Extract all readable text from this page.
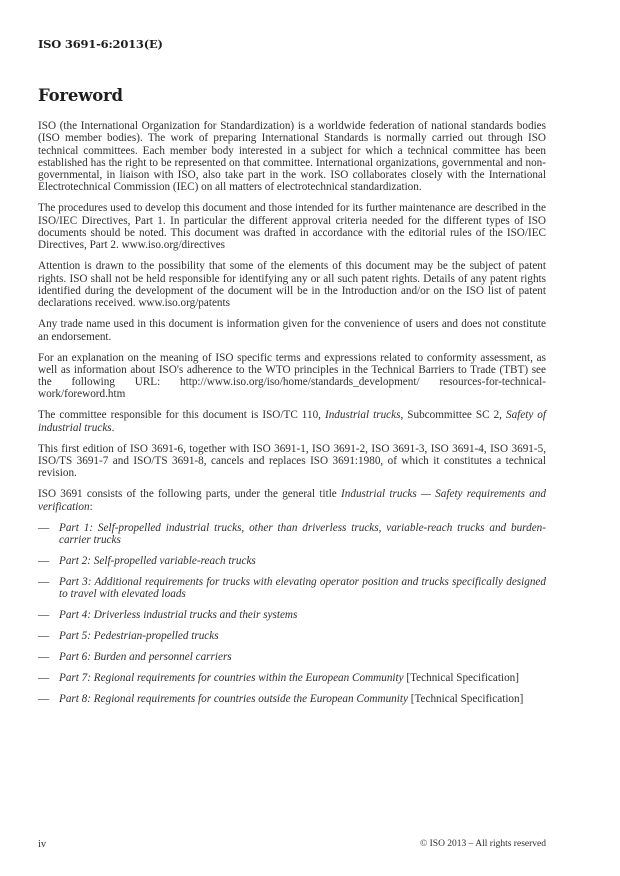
ISO 3691-6:2013(E)
Foreword

ISO (the International Organization for Standardization) is a worldwide federation of national standards bodies (ISO member bodies). The work of preparing International Standards is normally carried out through ISO technical committees. Each member body interested in a subject for which a technical committee has been established has the right to be represented on that committee. International organizations, governmental and non-governmental, in liaison with ISO, also take part in the work. ISO collaborates closely with the International Electrotechnical Commission (IEC) on all matters of electrotechnical standardization.

The procedures used to develop this document and those intended for its further maintenance are described in the ISO/IEC Directives, Part 1. In particular the different approval criteria needed for the different types of ISO documents should be noted. This document was drafted in accordance with the editorial rules of the ISO/IEC Directives, Part 2. www.iso.org/directives

Attention is drawn to the possibility that some of the elements of this document may be the subject of patent rights. ISO shall not be held responsible for identifying any or all such patent rights. Details of any patent rights identified during the development of the document will be in the Introduction and/or on the ISO list of patent declarations received. www.iso.org/patents

Any trade name used in this document is information given for the convenience of users and does not constitute an endorsement.

For an explanation on the meaning of ISO specific terms and expressions related to conformity assessment, as well as information about ISO's adherence to the WTO principles in the Technical Barriers to Trade (TBT) see the following URL: http://www.iso.org/iso/home/standards_development/ resources-for-technical-work/foreword.htm

The committee responsible for this document is ISO/TC 110, Industrial trucks, Subcommittee SC 2, Safety of industrial trucks.

This first edition of ISO 3691-6, together with ISO 3691-1, ISO 3691-2, ISO 3691-3, ISO 3691-4, ISO 3691-5, ISO/TS 3691-7 and ISO/TS 3691-8, cancels and replaces ISO 3691:1980, of which it constitutes a technical revision.

ISO 3691 consists of the following parts, under the general title Industrial trucks — Safety requirements and verification:

— Part 1: Self-propelled industrial trucks, other than driverless trucks, variable-reach trucks and burden-carrier trucks
— Part 2: Self-propelled variable-reach trucks
— Part 3: Additional requirements for trucks with elevating operator position and trucks specifically designed to travel with elevated loads
— Part 4: Driverless industrial trucks and their systems
— Part 5: Pedestrian-propelled trucks
— Part 6: Burden and personnel carriers
— Part 7: Regional requirements for countries within the European Community [Technical Specification]
— Part 8: Regional requirements for countries outside the European Community [Technical Specification]
iv	© ISO 2013 – All rights reserved
